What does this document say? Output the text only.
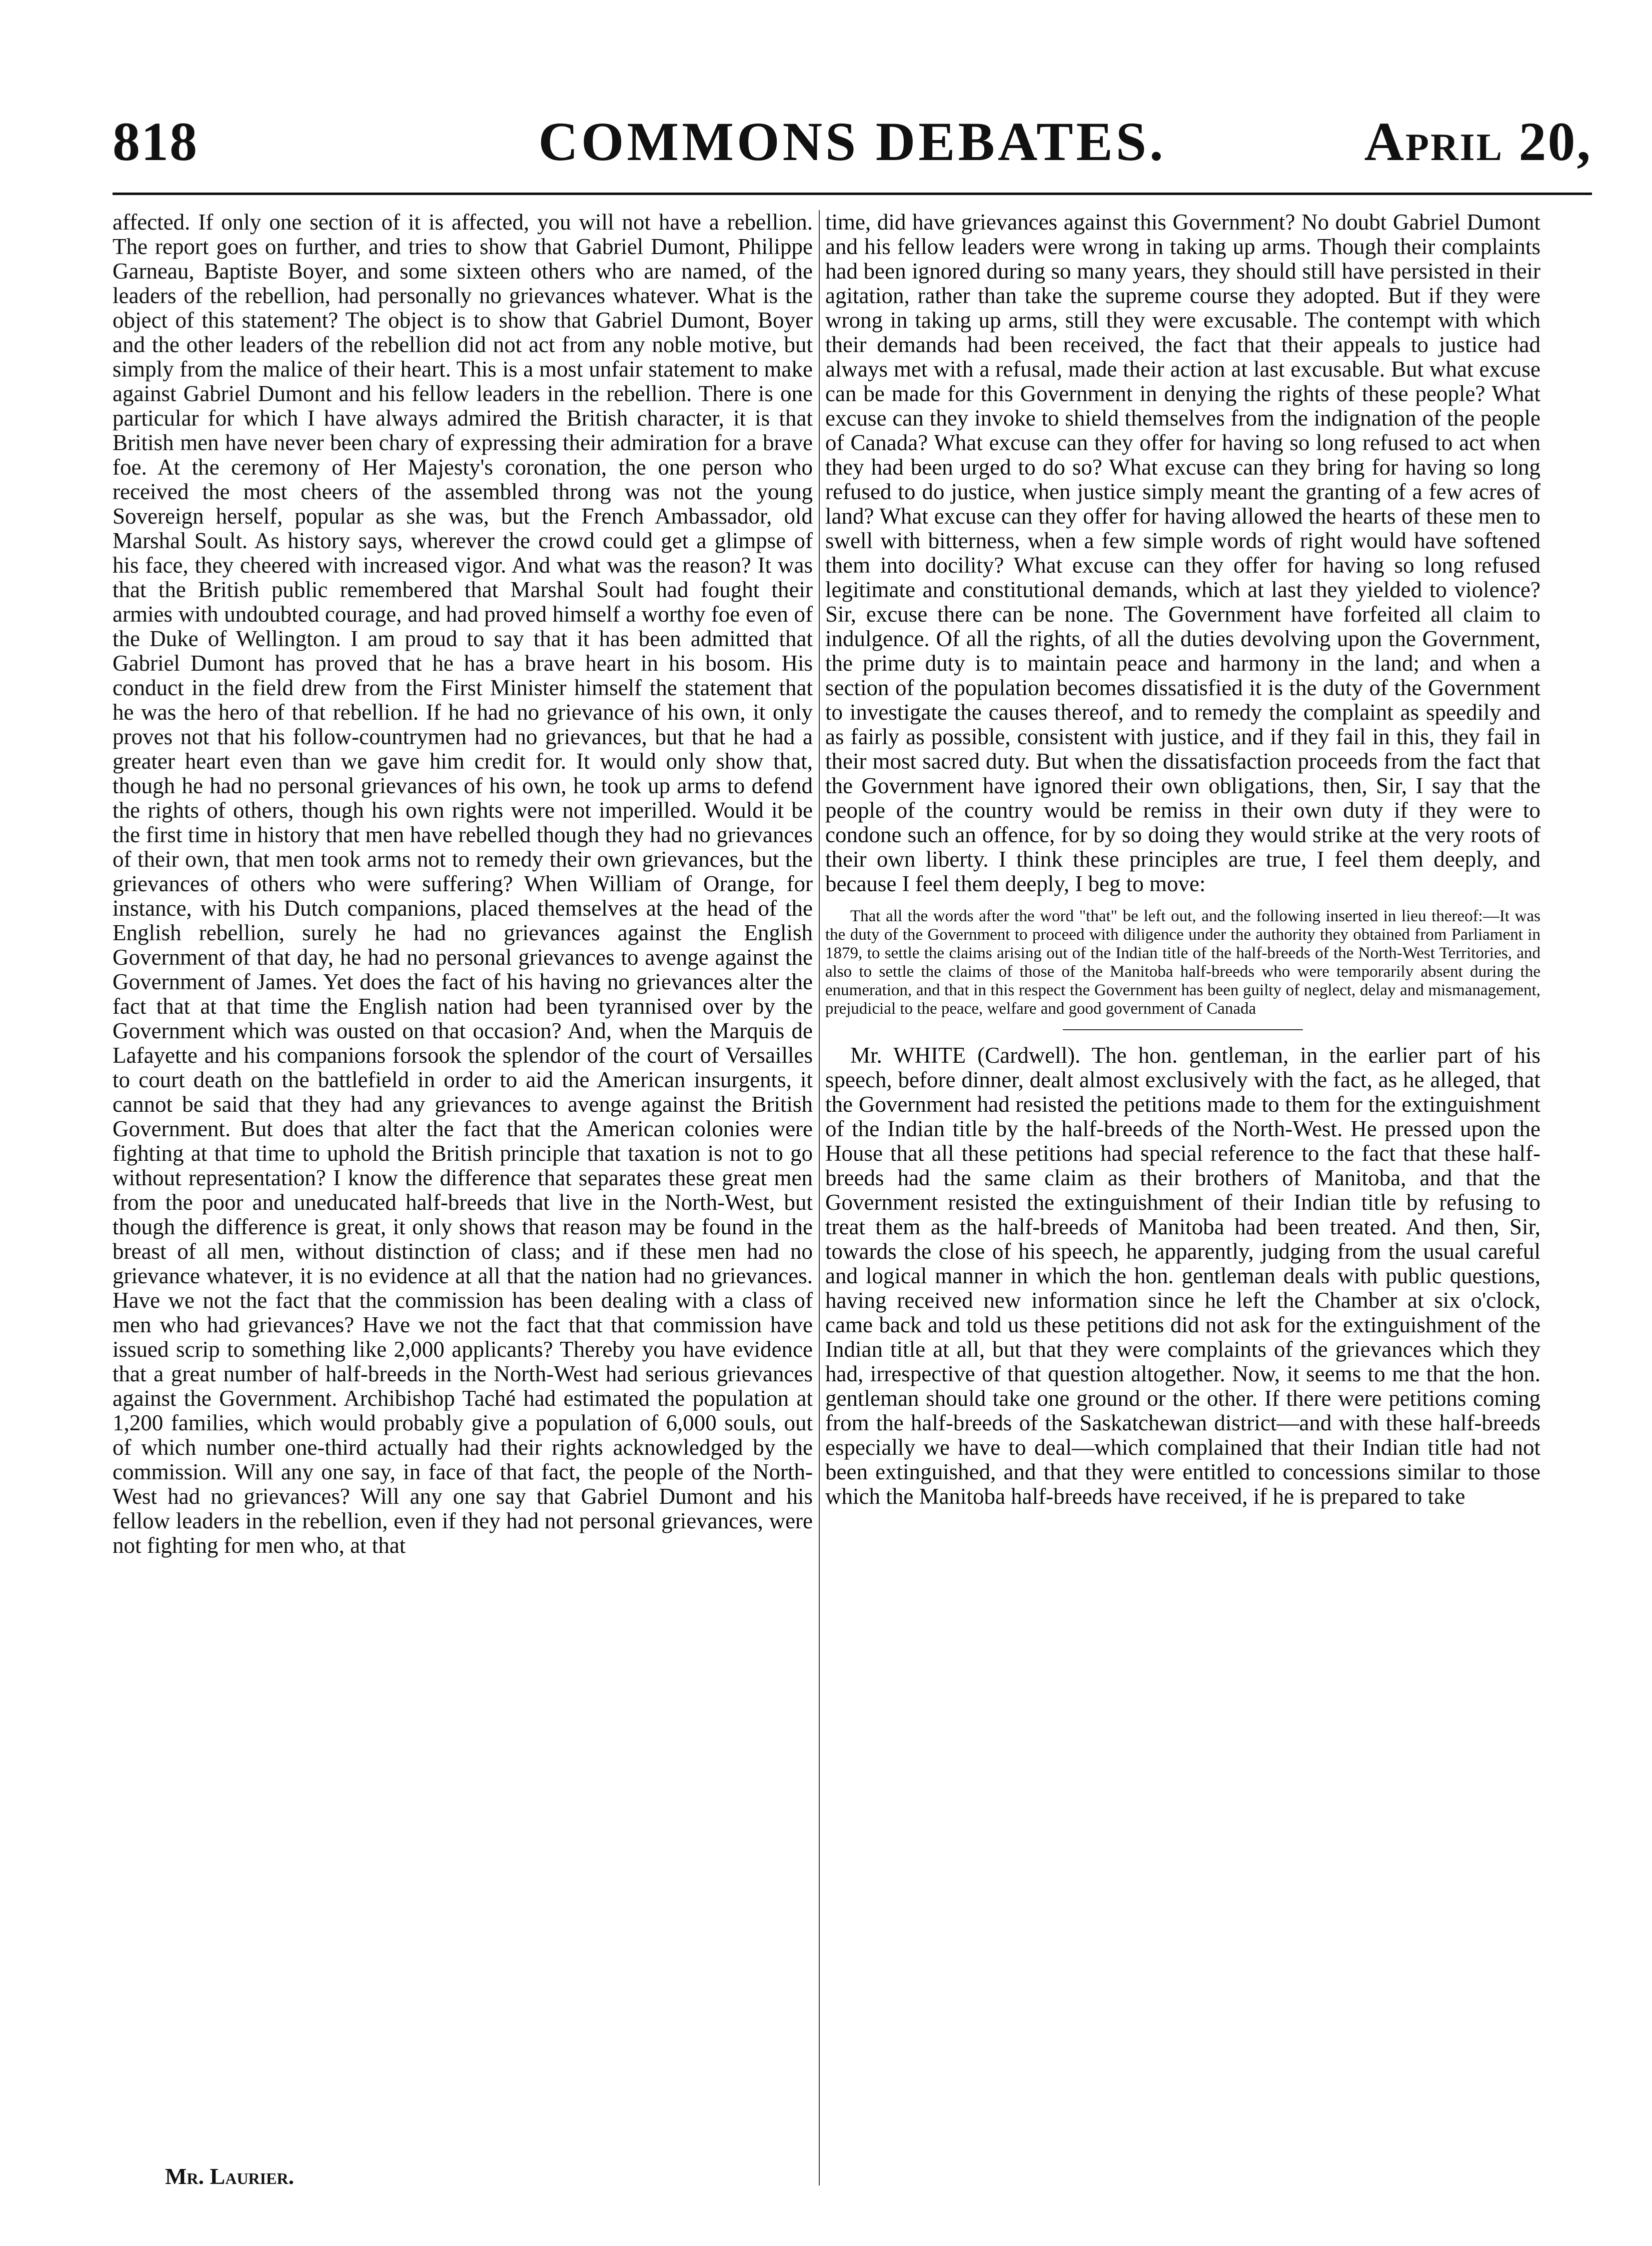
818	COMMONS DEBATES.	April 20,

affected. If only one section of it is affected, you will not have a rebellion. The report goes on further, and tries to show that Gabriel Dumont, Philippe Garneau, Baptiste Boyer, and some sixteen others who are named, of the leaders of the rebellion, had personally no grievances whatever. What is the object of this statement? The object is to show that Gabriel Dumont, Boyer and the other leaders of the rebellion did not act from any noble motive, but simply from the malice of their heart. This is a most unfair statement to make against Gabriel Dumont and his fellow leaders in the rebellion. There is one particular for which I have always admired the British character, it is that British men have never been chary of expressing their admiration for a brave foe. At the ceremony of Her Majesty's coronation, the one person who received the most cheers of the assembled throng was not the young Sovereign herself, popular as she was, but the French Ambassador, old Marshal Soult. As history says, wherever the crowd could get a glimpse of his face, they cheered with increased vigor. And what was the reason? It was that the British public remembered that Marshal Soult had fought their armies with undoubted courage, and had proved himself a worthy foe even of the Duke of Wellington. I am proud to say that it has been admitted that Gabriel Dumont has proved that he has a brave heart in his bosom. His conduct in the field drew from the First Minister himself the statement that he was the hero of that rebellion. If he had no grievance of his own, it only proves not that his follow-countrymen had no grievances, but that he had a greater heart even than we gave him credit for. It would only show that, though he had no personal grievances of his own, he took up arms to defend the rights of others, though his own rights were not imperilled. Would it be the first time in history that men have rebelled though they had no grievances of their own, that men took arms not to remedy their own grievances, but the grievances of others who were suffering? When William of Orange, for instance, with his Dutch companions, placed themselves at the head of the English rebellion, surely he had no grievances against the English Government of that day, he had no personal grievances to avenge against the Government of James. Yet does the fact of his having no grievances alter the fact that at that time the English nation had been tyrannised over by the Government which was ousted on that occasion? And, when the Marquis de Lafayette and his companions forsook the splendor of the court of Versailles to court death on the battlefield in order to aid the American insurgents, it cannot be said that they had any grievances to avenge against the British Government. But does that alter the fact that the American colonies were fighting at that time to uphold the British principle that taxation is not to go without representation? I know the difference that separates these great men from the poor and uneducated half-breeds that live in the North-West, but though the difference is great, it only shows that reason may be found in the breast of all men, without distinction of class; and if these men had no grievance whatever, it is no evidence at all that the nation had no grievances. Have we not the fact that the commission has been dealing with a class of men who had grievances? Have we not the fact that that commission have issued scrip to something like 2,000 applicants? Thereby you have evidence that a great number of half-breeds in the North-West had serious grievances against the Government. Archibishop Taché had estimated the population at 1,200 families, which would probably give a population of 6,000 souls, out of which number one-third actually had their rights acknowledged by the commission. Will any one say, in face of that fact, the people of the North-West had no grievances? Will any one say that Gabriel Dumont and his fellow leaders in the rebellion, even if they had not personal grievances, were not fighting for men who, at that

time, did have grievances against this Government? No doubt Gabriel Dumont and his fellow leaders were wrong in taking up arms. Though their complaints had been ignored during so many years, they should still have persisted in their agitation, rather than take the supreme course they adopted. But if they were wrong in taking up arms, still they were excusable. The contempt with which their demands had been received, the fact that their appeals to justice had always met with a refusal, made their action at last excusable. But what excuse can be made for this Government in denying the rights of these people? What excuse can they invoke to shield themselves from the indignation of the people of Canada? What excuse can they offer for having so long refused to act when they had been urged to do so? What excuse can they bring for having so long refused to do justice, when justice simply meant the granting of a few acres of land? What excuse can they offer for having allowed the hearts of these men to swell with bitterness, when a few simple words of right would have softened them into docility? What excuse can they offer for having so long refused legitimate and constitutional demands, which at last they yielded to violence? Sir, excuse there can be none. The Government have forfeited all claim to indulgence. Of all the rights, of all the duties devolving upon the Government, the prime duty is to maintain peace and harmony in the land; and when a section of the population becomes dissatisfied it is the duty of the Government to investigate the causes thereof, and to remedy the complaint as speedily and as fairly as possible, consistent with justice, and if they fail in this, they fail in their most sacred duty. But when the dissatisfaction proceeds from the fact that the Government have ignored their own obligations, then, Sir, I say that the people of the country would be remiss in their own duty if they were to condone such an offence, for by so doing they would strike at the very roots of their own liberty. I think these principles are true, I feel them deeply, and because I feel them deeply, I beg to move:

That all the words after the word "that" be left out, and the following inserted in lieu thereof:—It was the duty of the Government to proceed with diligence under the authority they obtained from Parliament in 1879, to settle the claims arising out of the Indian title of the half-breeds of the North-West Territories, and also to settle the claims of those of the Manitoba half-breeds who were temporarily absent during the enumeration, and that in this respect the Government has been guilty of neglect, delay and mismanagement, prejudicial to the peace, welfare and good government of Canada

Mr. WHITE (Cardwell). The hon. gentleman, in the earlier part of his speech, before dinner, dealt almost exclusively with the fact, as he alleged, that the Government had resisted the petitions made to them for the extinguishment of the Indian title by the half-breeds of the North-West. He pressed upon the House that all these petitions had special reference to the fact that these half-breeds had the same claim as their brothers of Manitoba, and that the Government resisted the extinguishment of their Indian title by refusing to treat them as the half-breeds of Manitoba had been treated. And then, Sir, towards the close of his speech, he apparently, judging from the usual careful and logical manner in which the hon. gentleman deals with public questions, having received new information since he left the Chamber at six o'clock, came back and told us these petitions did not ask for the extinguishment of the Indian title at all, but that they were complaints of the grievances which they had, irrespective of that question altogether. Now, it seems to me that the hon. gentleman should take one ground or the other. If there were petitions coming from the half-breeds of the Saskatchewan district—and with these half-breeds especially we have to deal—which complained that their Indian title had not been extinguished, and that they were entitled to concessions similar to those which the Manitoba half-breeds have received, if he is prepared to take

Mr. Laurier.
